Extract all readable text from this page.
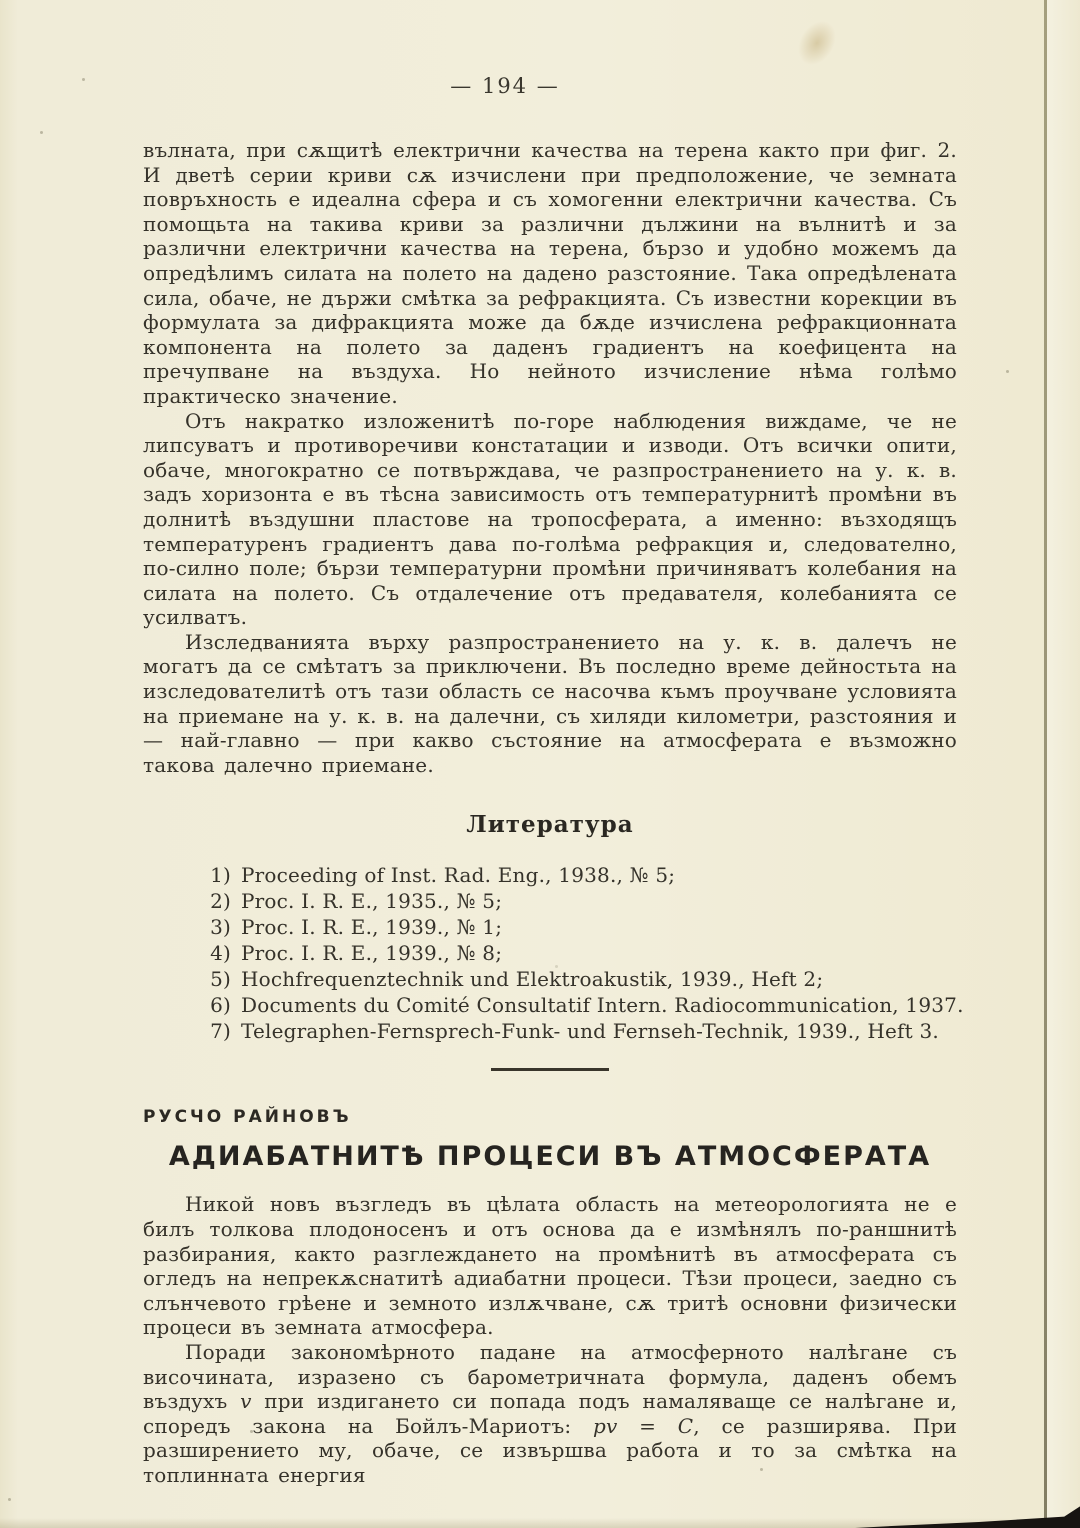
— 194 —

вълната, при сѫщитѣ електрични качества на терена както при фиг. 2. И дветѣ серии криви сѫ изчислени при предположение, че земната повръхность е идеална сфера и съ хомогенни електрични качества. Съ помощьта на такива криви за различни дължини на вълнитѣ и за различни електрични качества на терена, бързо и удобно можемъ да опредѣлимъ силата на полето на дадено разстояние. Така опредѣлената сила, обаче, не държи смѣтка за рефракцията. Съ известни корекции въ формулата за дифракцията може да бѫде изчислена рефракционната компонента на полето за даденъ градиентъ на коефицента на пречупване на въздуха. Но нейното изчисление нѣма голѣмо практическо значение.

Отъ накратко изложенитѣ по-горе наблюдения виждаме, че не липсуватъ и противоречиви констатации и изводи. Отъ всички опити, обаче, многократно се потвърждава, че разпространението на у. к. в. задъ хоризонта е въ тѣсна зависимость отъ температурнитѣ промѣни въ долнитѣ въздушни пластове на тропосферата, а именно: възходящъ температуренъ градиентъ дава по-голѣма рефракция и, следователно, по-силно поле; бързи температурни промѣни причиняватъ колебания на силата на полето. Съ отдалечение отъ предавателя, колебанията се усилватъ.

Изследванията върху разпространението на у. к. в. далечъ не могатъ да се смѣтатъ за приключени. Въ последно време дейностьта на изследователитѣ отъ тази область се насочва къмъ проучване условията на приемане на у. к. в. на далечни, съ хиляди километри, разстояния и — най-главно — при какво състояние на атмосферата е възможно такова далечно приемане.

Литература
1) Proceeding of Inst. Rad. Eng., 1938., № 5;
2) Proc. I. R. E., 1935., № 5;
3) Proc. I. R. E., 1939., № 1;
4) Proc. I. R. E., 1939., № 8;
5) Hochfrequenztechnik und Elektroakustik, 1939., Heft 2;
6) Documents du Comité Consultatif Intern. Radiocommunication, 1937.
7) Telegraphen-Fernsprech-Funk- und Fernseh-Technik, 1939., Heft 3.
РУСЧО РАЙНОВЪ
АДИАБАТНИТѢ ПРОЦЕСИ ВЪ АТМОСФЕРАТА

Никой новъ възгледъ въ цѣлата область на метеорологията не е билъ толкова плодоносенъ и отъ основа да е измѣнялъ по-раншнитѣ разбирания, както разглеждането на промѣнитѣ въ атмосферата съ огледъ на непрекѫснатитѣ адиабатни процеси. Тѣзи процеси, заедно съ слънчевото грѣене и земното излѫчване, сѫ тритѣ основни физически процеси въ земната атмосфера.

Поради закономѣрното падане на атмосферното налѣгане съ височината, изразено съ барометричната формула, даденъ обемъ въздухъ v при издигането си попада подъ намаляваще се налѣгане и, споредъ закона на Бойлъ-Мариотъ: pv = C, се разширява. При разширението му, обаче, се извършва работа и то за смѣтка на топлинната енергия
